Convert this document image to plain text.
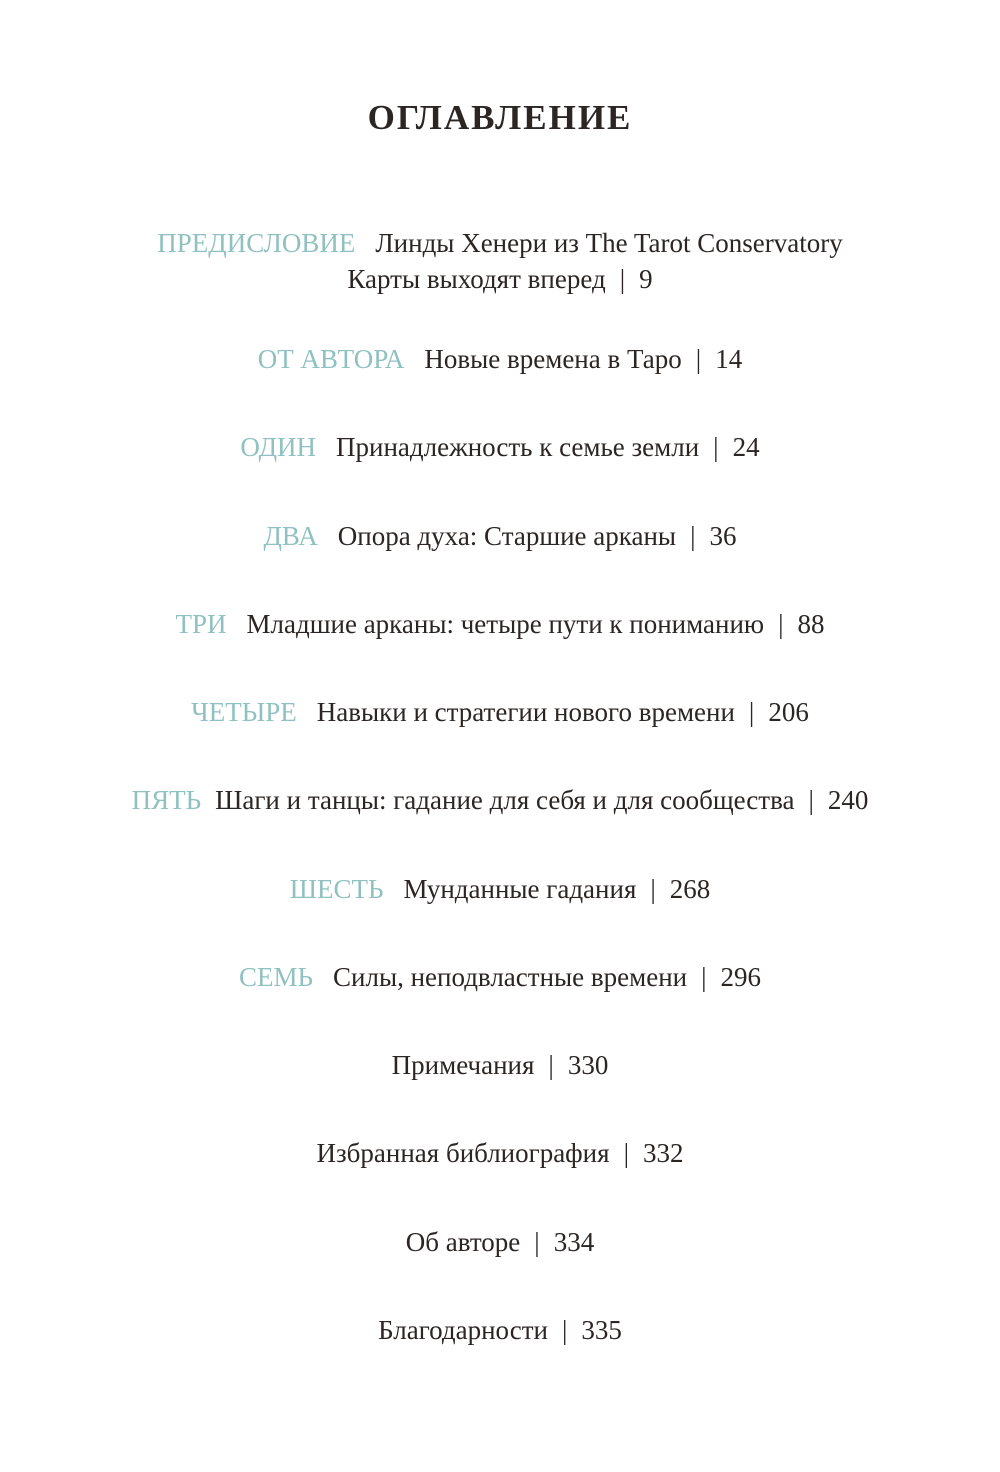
ОГЛАВЛЕНИЕ
ПРЕДИСЛОВИЕ Линды Хенери из The Tarot Conservatory
Карты выходят вперед | 9
ОТ АВТОРА Новые времена в Таро | 14
ОДИН Принадлежность к семье земли | 24
ДВА Опора духа: Старшие арканы | 36
ТРИ Младшие арканы: четыре пути к пониманию | 88
ЧЕТЫРЕ Навыки и стратегии нового времени | 206
ПЯТЬ Шаги и танцы: гадание для себя и для сообщества | 240
ШЕСТЬ Мунданные гадания | 268
СЕМЬ Силы, неподвластные времени | 296
Примечания | 330
Избранная библиография | 332
Об авторе | 334
Благодарности | 335
